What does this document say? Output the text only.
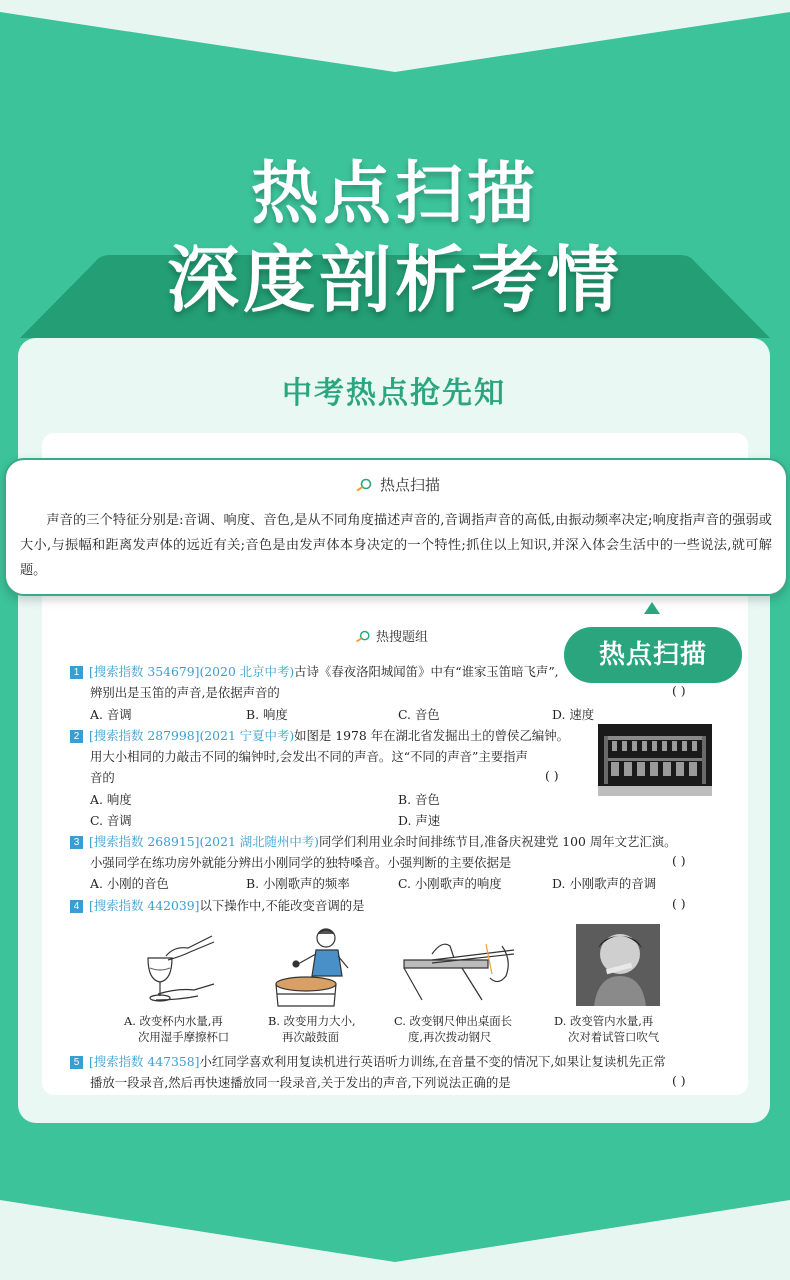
热点扫描
深度剖析考情
中考热点抢先知
热点扫描
声音的三个特征分别是:音调、响度、音色,是从不同角度描述声音的,音调指声音的高低,由振动频率决定;响度指声音的强弱或大小,与振幅和距离发声体的远近有关;音色是由发声体本身决定的一个特性;抓住以上知识,并深入体会生活中的一些说法,就可解题。
热点扫描
热搜题组
1 [搜索指数 354679](2020 北京中考)古诗《春夜洛阳城闻笛》中有“谁家玉笛暗飞声”,
辨别出是玉笛的声音,是依据声音的	( )
A. 音调	B. 响度	C. 音色	D. 速度
2 [搜索指数 287998](2021 宁夏中考)如图是 1978 年在湖北省发掘出土的曾侯乙编钟。
用大小相同的力敲击不同的编钟时,会发出不同的声音。这“不同的声音”主要指声
音的	( )
A. 响度	B. 音色
C. 音调	D. 声速
3 [搜索指数 268915](2021 湖北随州中考)同学们利用业余时间排练节目,准备庆祝建党 100 周年文艺汇演。
小强同学在练功房外就能分辨出小刚同学的独特嗓音。小强判断的主要依据是	( )
A. 小刚的音色	B. 小刚歌声的频率	C. 小刚歌声的响度	D. 小刚歌声的音调
4 [搜索指数 442039]以下操作中,不能改变音调的是	( )
A. 改变杯内水量,再
次用湿手摩擦杯口
B. 改变用力大小,
再次敲鼓面
C. 改变钢尺伸出桌面长
度,再次拨动钢尺
D. 改变管内水量,再
次对着试管口吹气
5 [搜索指数 447358]小红同学喜欢利用复读机进行英语听力训练,在音量不变的情况下,如果让复读机先正常
播放一段录音,然后再快速播放同一段录音,关于发出的声音,下列说法正确的是	( )
